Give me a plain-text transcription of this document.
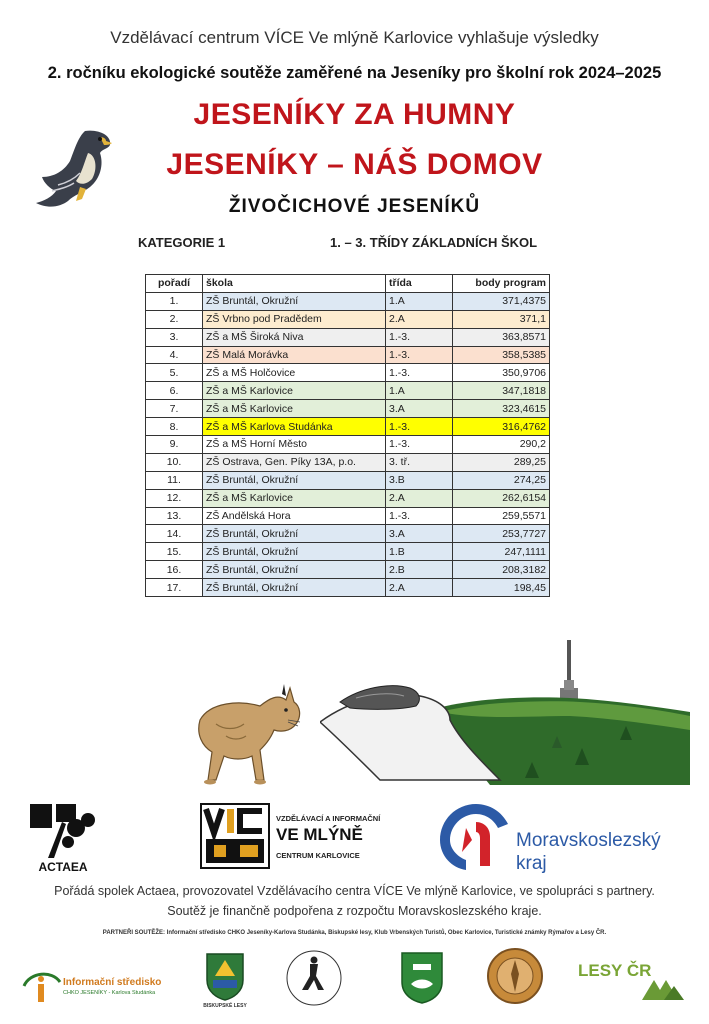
Vzdělávací centrum VÍCE Ve mlýně Karlovice vyhlašuje výsledky
2. ročníku ekologické soutěže zaměřené na Jeseníky pro školní rok 2024–2025
JESENÍKY ZA HUMNY
JESENÍKY – NÁŠ DOMOV
ŽIVOČICHOVÉ JESENÍKŮ
KATEGORIE 1	1. – 3. TŘÍDY ZÁKLADNÍCH ŠKOL
pořadí	škola	třída	body program
1.	ZŠ Bruntál, Okružní	1.A	371,4375
2.	ZŠ Vrbno pod Pradědem	2.A	371,1
3.	ZŠ a MŠ Široká Niva	1.-3.	363,8571
4.	ZŠ Malá Morávka	1.-3.	358,5385
5.	ZŠ a MŠ Holčovice	1.-3.	350,9706
6.	ZŠ a MŠ Karlovice	1.A	347,1818
7.	ZŠ a MŠ Karlovice	3.A	323,4615
8.	ZŠ a MŠ Karlova Studánka	1.-3.	316,4762
9.	ZŠ a MŠ Horní Město	1.-3.	290,2
10.	ZŠ Ostrava, Gen. Píky 13A, p.o.	3. tř.	289,25
11.	ZŠ Bruntál, Okružní	3.B	274,25
12.	ZŠ a MŠ Karlovice	2.A	262,6154
13.	ZŠ Andělská Hora	1.-3.	259,5571
14.	ZŠ Bruntál, Okružní	3.A	253,7727
15.	ZŠ Bruntál, Okružní	1.B	247,1111
16.	ZŠ Bruntál, Okružní	2.B	208,3182
17.	ZŠ Bruntál, Okružní	2.A	198,45
ACTAEA
VZDĚLÁVACÍ A INFORMAČNÍ
VE MLÝNĚ
CENTRUM KARLOVICE
Moravskoslezský
kraj
Pořádá spolek Actaea, provozovatel Vzdělávacího centra VÍCE Ve mlýně Karlovice, ve spolupráci s partnery.
Soutěž je finančně podpořena z rozpočtu Moravskoslezského kraje.
PARTNEŘI SOUTĚŽE: Informační středisko CHKO Jeseníky-Karlova Studánka, Biskupské lesy, Klub Vrbenských Turistů, Obec Karlovice, Turistické známky Rýmařov a Lesy ČR.
Informační středisko
CHKO JESENÍKY - Karlova Studánka
BISKUPSKÉ LESY
LESY ČR
